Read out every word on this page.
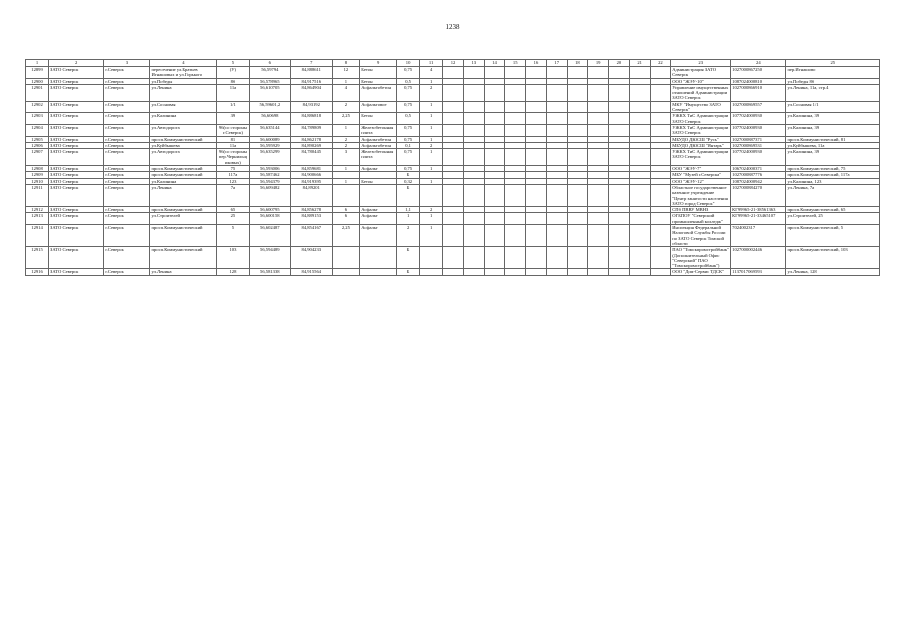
1238
1	2	3	4	5	6	7	8	9	10	11	12	13	14	15	16	17	18	19	20	21	22	23	24	25
12899	ЗАТО Северск	г.Северск	пересечение ул.Братьев Игнашовых и ул.Горького	(У)	56,59794	84,888611	12	Бетон	0,75	4												Администрация ЗАТО Северск	1027000867250	пер.Игнашово
12900	ЗАТО Северск	г.Северск	ул.Победы	8б	56,578965	84,917516	1	Бетон	0,5	1												ООО "ЖЭУ-10"	1087024000810	ул.Победы 8б
12901	ЗАТО Северск	г.Северск	ул.Ленина	11а	56,610705	84,864904	4	Асфальтобетон	0,75	2												Управление имущественных отношений Администрации ЗАТО Северск	1027000866910	ул.Ленина, 11а, стр.4
12902	ЗАТО Северск	г.Северск	ул.Сосновая	1/1	56,59601,2	84,93192	2	Асфальтовое	0,75	1												МКУ "Имущество ЗАТО Северск"	1027000869557	ул.Сосновая 1/1
12903	ЗАТО Северск	г.Северск	ул.Калинина	39	56,60698	84,886818	2,25	Бетон	0,5	1												УЖКХ ТиС Администрации ЗАТО Северск	1077024000930	ул.Калинина, 39
12904	ЗАТО Северск	г.Северск	ул.Автодорога	96(со стороны г.Северск)	56,635144	84,789809	1	Железобетонная плита	0,75	1												УЖКХ ТиС Администрации ЗАТО Северск	1077024000930	ул.Калинина, 39
12905	ЗАТО Северск	г.Северск	просп.Коммунистический	81	56,600089	84,862178	2	Асфальтобетон	0,75	1												МБУДО ДЮСШ "Русь"	1027000887371	просп.Коммунистический, 81
12906	ЗАТО Северск	г.Северск	ул.Куйбышева	11а	56,595929	84,890269	2	Асфальтобетон	0,1	2												МБУДО ДЮСШ "Янтарь"	1027000869531	ул.Куйбышева, 11а
12907	ЗАТО Северск	г.Северск	ул.Автодорога	96(со стороны пер.Чернильщиковых)	56,635299	84,780445	3	Железобетонная плита	0,75	1												УЖКХ ТиС Администрации ЗАТО Северск	1077024000930	ул.Калинина, 39
12908	ЗАТО Северск	г.Северск	просп.Коммунистический	75	56,593006	84,859681	1	Асфальт	0,75	1												ООО "ЖЭУ-7"	1067024000371	просп.Коммунистический, 75
12909	ЗАТО Северск	г.Северск	просп.Коммунистический	117а	56,587462	84,900666			Б													МБУ "Музей г.Северска"	1027000887776	просп.Коммунистический, 117а
12910	ЗАТО Северск	г.Северск	ул.Калинина	123	56,594379	84,919395	1	Бетон	0,32	1												ООО "ЖЭУ-12"	1087024000942	ул.Калинина, 123
12911	ЗАТО Северск	г.Северск	ул.Ленина	7а	56,609482	84,89201			Б													Областное государственное казенное учреждение "Центр занятости населения ЗАТО город Северск"	1027000884270	ул.Ленина, 7а
12912	ЗАТО Северск	г.Северск	просп.Коммунистический	65	56,600795	84,856278	6	Асфальт	1,1	2												СПб ПВВУ МВНЗ	КГ99965-21-38561363	просп.Коммунистический, 65
12913	ЗАТО Северск	г.Северск	ул.Строителей	25	56,600158	84,889153	6	Асфальт	1	1												ОГБПОУ "Северский промышленный колледж"	КГ99965-21-33465107	ул.Строителей, 25
12914	ЗАТО Северск	г.Северск	просп.Коммунистический	5	56,602487	84,854167	2,25	Асфальт	2	1												Инспекция Федеральной Налоговой Службы России по ЗАТО Северск Томской области	7024002317	просп.Коммунистический, 5
12915	ЗАТО Северск	г.Северск	просп.Коммунистический	103	56,594489	84,904233			Б													ПАО "Томскпромстройбанк" (Дополнительный Офис "Северский" ПАО "Томскпромстройбанк")	1027000002446	просп.Коммунистический, 103
12916	ЗАТО Северск	г.Северск	ул.Ленина	128	56,581338	84,915564			Б													ООО "Дом-Сервис ТДСК"	1137017069593	ул.Ленина, 128
